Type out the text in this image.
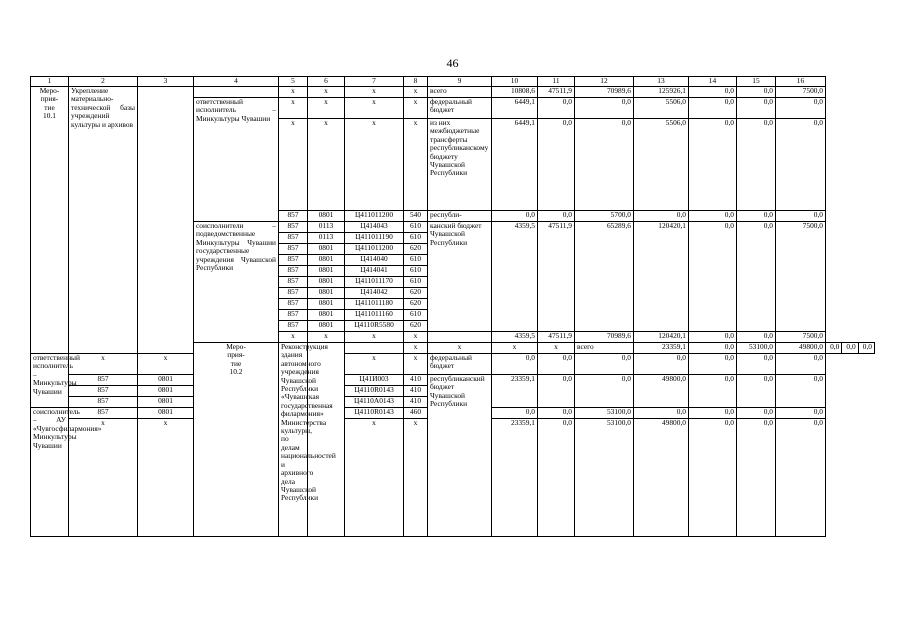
46
1	2	3	4	5	6	7	8	9	10	11	12	13	14	15	16			
Меро-
прия-
тие
10.1	Укрепление материально-технической базы учреждений культуры и архивов			х	х	х	х	всего	10808,6	47511,9	70989,6	125926,1	0,0	0,0	7500,0			
			ответственный исполнитель – Минкультуры Чувашии	х	х	х	х	федеральный бюджет	6449,1	0,0	0,0	5506,0	0,0	0,0	0,0			
				х	х	х	х	из них межбюджетные трансферты республиканскому бюджету Чувашской Республики	6449,1	0,0	0,0	5506,0	0,0	0,0	0,0			
				857	0801	Ц411011200	540	республи-	0,0	0,0	5700,0	0,0	0,0	0,0	0,0			
			соисполнители – подведомственные Минкультуры Чувашии государственные учреждения Чувашской Республики	857	0113	Ц414043	610	канский бюджет Чувашской Республики	4359,5	47511,9	65289,6	120420,1	0,0	0,0	7500,0			
				857	0113	Ц411011190	610											
				857	0801	Ц411011200	620											
				857	0801	Ц414040	610											
				857	0801	Ц414041	610											
				857	0801	Ц411011170	610											
				857	0801	Ц414042	620											
				857	0801	Ц411011180	620											
				857	0801	Ц411011160	610											
				857	0801	Ц4110R5580	620											
				х	х	х	х		4359,5	47511,9	70989,6	120420,1	0,0	0,0	7500,0			
			Меро-
прия-
тие
10.2	Реконструкция здания автономного учреждения Чувашской Республики «Чувашская государственная филармония» Министерства культуры, по делам национальностей и архивного дела Чувашской Республики			х	х	х	х	всего	23359,1	0,0	53100,0	49800,0	0,0	0,0	0,0
ответственный исполнитель – Минкультуры Чувашии	х	х				х	х	федеральный бюджет	0,0	0,0	0,0	0,0	0,0	0,0	0,0			
	857	0801				Ц41И003	410	республиканский бюджет Чувашской Республики	23359,1	0,0	0,0	49800,0	0,0	0,0	0,0			
	857	0801				Ц4110R0143	410											
	857	0801				Ц4110А0143	410											
соисполнитель – АУ «Чувгосфилармония» Минкультуры Чувашии	857	0801				Ц4110R0143	460		0,0	0,0	53100,0	0,0	0,0	0,0	0,0			
	х	х				х	х		23359,1	0,0	53100,0	49800,0	0,0	0,0	0,0			
